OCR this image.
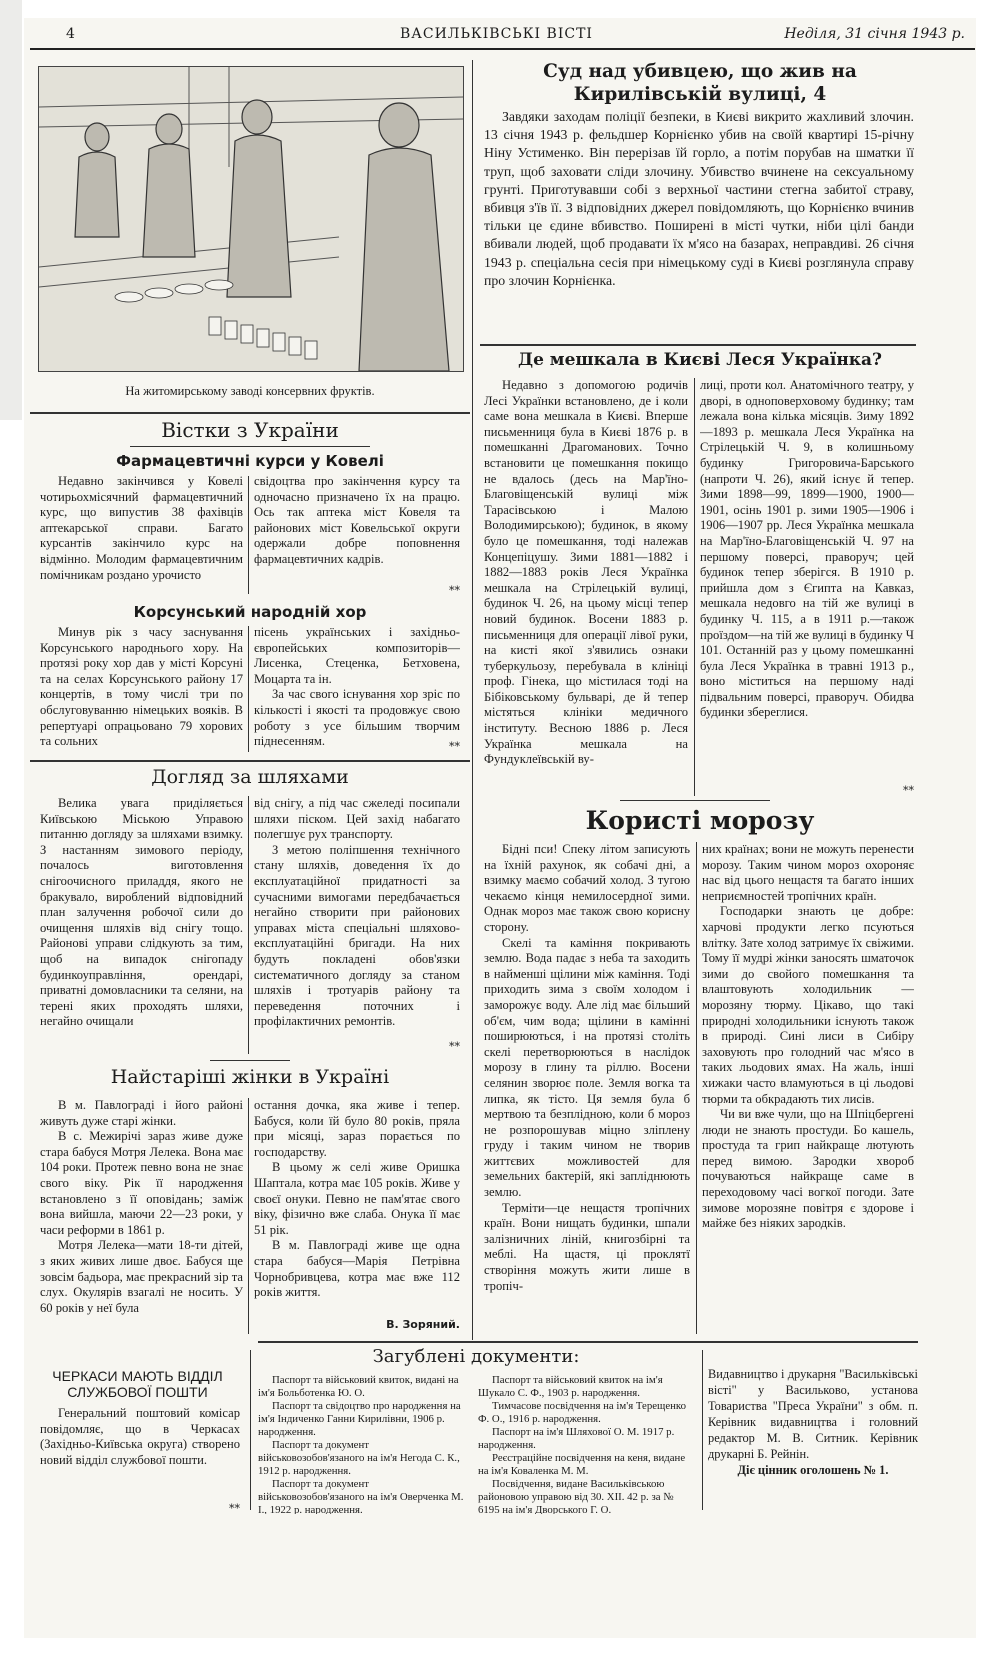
4	ВАСИЛЬКІВСЬКІ ВІСТІ	Неділя, 31 січня 1943 р.
На житомирському заводі консервних фруктів.
Вістки з України
Фармацевтичні курси у Ковелі
Недавно закінчився у Ковелі чотирьохмісячний фармацевтичний курс, що випустив 38 фахівців аптекарської справи. Багато курсантів закінчило курс на відмінно. Молодим фармацевтичним помічникам роздано урочисто
свідоцтва про закінчення курсу та одночасно призначено їх на працю. Ось так аптека міст Ковеля та районових міст Ковельської округи одержали добре поповнення фармацевтичних кадрів.
**
Корсунський народній хор
Минув рік з часу заснування Корсунського народнього хору. На протязі року хор дав у місті Корсуні та на селах Корсунського району 17 концертів, в тому числі три по обслуговуванню німецьких вояків. В репертуарі опрацьовано 79 хорових та сольних

пісень українських і західньо-європейських композиторів—Лисенка, Стеценка, Бетховена, Моцарта та ін.

За час свого існування хор зріс по кількості і якості та продовжує свою роботу з усе більшим творчим піднесенням.	**
Догляд за шляхами
Велика увага приділяється Київською Міською Управою питанню догляду за шляхами взимку. З настанням зимового періоду, почалось виготовлення снігоочисного приладдя, якого не бракувало, вироблений відповідний план залучення робочої сили до очищення шляхів від снігу тощо. Районові управи слідкують за тим, щоб на випадок снігопаду будинкоуправління, орендарі, приватні домовласники та селяни, на терені яких проходять шляхи, негайно очищали

від снігу, а під час сжеледі посипали шляхи піском. Цей захід набагато полегшує рух транспорту.

З метою поліпшення технічного стану шляхів, доведення їх до експлуатаційної придатності за сучасними вимогами передбачається негайно створити при районових управах міста спеціальні шляхово-експлуатаційні бригади. На них будуть покладені обов'язки систематичного догляду за станом шляхів і тротуарів району та переведення поточних і профілактичних ремонтів.

**
Найстаріші жінки в Україні

В м. Павлограді і його районі живуть дуже старі жінки.

В с. Межирічі зараз живе дуже стара бабуся Мотря Лелека. Вона має 104 роки. Протеж певно вона не знає свого віку. Рік її народження встановлено з її оповідань; заміж вона вийшла, маючи 22—23 роки, у часи реформи в 1861 р.

Мотря Лелека—мати 18-ти дітей, з яких живих лише двоє. Бабуся ще зовсім бадьора, має прекрасний зір та слух. Окулярів взагалі не носить. У 60 років у неї була

остання дочка, яка живе і тепер. Бабуся, коли їй було 80 років, пряла при місяці, зараз порається по господарству.

В цьому ж селі живе Оришка Шаптала, котра має 105 років. Живе у своєї онуки. Певно не пам'ятає свого віку, фізично вже слаба. Онука її має 51 рік.

В м. Павлограді живе ще одна стара бабуся—Марія Петрівна Чорнобривцева, котра має вже 112 років життя.

В. Зоряний.
ЧЕРКАСИ МАЮТЬ ВІДДІЛ
СЛУЖБОВОЇ ПОШТИ
Генеральний поштовий комісар повідомляє, що в Черкасах (Західньо-Київська округа) створено новий відділ службової пошти.
**
Загублені документи:

Паспорт та військовий квиток, видані на ім'я Больботенка Ю. О.

Паспорт та свідоцтво про народження на ім'я Індиченко Ганни Кирилівни, 1906 р. народження.

Паспорт та документ військовозобов'язаного на ім'я Негода С. К., 1912 р. народження.

Паспорт та документ військовозобов'язаного на ім'я Оверченка М. І., 1922 р. народження.

Паспорт та військовий квиток на ім'я Шукало С. Ф., 1903 р. народження.

Тимчасове посвідчення на ім'я Терещенко Ф. О., 1916 р. народження.

Паспорт на ім'я Шляхової О. М. 1917 р. народження.

Реєстраційне посвідчення на кеня, видане на ім'я Коваленка М. М.

Посвідчення, видане Васильківською районовою управою від 30. XII. 42 р. за № 6195 на ім'я Дворського Г. О.

Видавництво і друкарня "Васильківські вісті" у Васильково, установа Товариства "Преса України" з обм. п. Керівник видавництва і головний редактор М. В. Ситник. Керівник друкарні Б. Рейнін.
Діє цінник оголошень № 1.
Суд над убивцею, що жив на
Кирилівській вулиці, 4
Завдяки заходам поліції безпеки, в Києві викрито жахливий злочин. 13 січня 1943 р. фельдшер Корнієнко убив на своїй квартирі 15-річну Ніну Устименко. Він перерізав їй горло, а потім порубав на шматки її труп, щоб заховати сліди злочину. Убивство вчинене на сексуальному грунті. Приготувавши собі з верхньої частини стегна забитої страву, вбивця з'їв її. З відповідних джерел повідомляють, що Корнієнко вчинив тільки це єдине вбивство. Поширені в місті чутки, ніби цілі банди вбивали людей, щоб продавати їх м'ясо на базарах, неправдиві. 26 січня 1943 р. спеціальна сесія при німецькому суді в Києві розглянула справу про злочин Корнієнка.
Де мешкала в Києві Леся Українка?
Недавно з допомогою родичів Лесі Українки встановлено, де і коли саме вона мешкала в Києві. Вперше письменниця була в Києві 1876 р. в помешканні Драгоманових. Точно встановити це помешкання покищо не вдалось (десь на Мар'їно-Благовіщенській вулиці між Тарасівською і Малою Володимирською); будинок, в якому було це помешкання, тоді належав Концепіцушу. Зими 1881—1882 і 1882—1883 років Леся Українка мешкала на Стрілецькій вулиці, будинок Ч. 26, на цьому місці тепер новий будинок. Восени 1883 р. письменниця для операції лівої руки, на кисті якої з'явились ознаки туберкульозу, перебувала в клініці проф. Гінека, що містилася тоді на Бібіковському бульварі, де й тепер містяться клініки медичного інституту. Весною 1886 р. Леся Українка мешкала на Фундуклеївській ву-
лиці, проти кол. Анатомічного театру, у дворі, в одноповерховому будинку; там лежала вона кілька місяців. Зиму 1892—1893 р. мешкала Леся Українка на Стрілецькій Ч. 9, в колишньому будинку Григоровича-Барського (напроти Ч. 26), який існує й тепер. Зими 1898—99, 1899—1900, 1900—1901, осінь 1901 р. зими 1905—1906 і 1906—1907 рр. Леся Українка мешкала на Мар'їно-Благовіщенській Ч. 97 на першому поверсі, праворуч; цей будинок тепер зберігся. В 1910 р. прийшла дом з Єгипта на Кавказ, мешкала недовго на тій же вулиці в будинку Ч. 115, а в 1911 р.—також проїздом—на тій же вулиці в будинку Ч 101. Останній раз у цьому помешканні була Леся Українка в травні 1913 р., воно міститься на першому наді підвальним поверсі, праворуч. Обидва будинки збереглися.
**
Користі морозу

Бідні пси! Спеку літом записують на їхній рахунок, як собачі дні, а взимку маємо собачий холод. З тугою чекаємо кінця немилосердної зими. Однак мороз має також свою корисну сторону.

Скелі та каміння покривають землю. Вода падає з неба та заходить в найменші щілини між каміння. Тоді приходить зима з своїм холодом і заморожує воду. Але лід має більший об'єм, чим вода; щілини в камінні поширюються, і на протязі століть скелі перетворюються в наслідок морозу в глину та ріллю. Восени селянин зворює поле. Земля вогка та липка, як тісто. Ця земля була б мертвою та безплідною, коли б мороз не розпорошував міцно зліплену груду і таким чином не творив життєвих можливостей для земельних бактерій, які запліднюють землю.

Терміти—це нещастя тропічних країн. Вони нищать будинки, шпали залізничних ліній, книгозбірні та меблі. На щастя, ці проклятї створіння можуть жити лише в тропіч-

них країнах; вони не можуть перенести морозу. Таким чином мороз охороняє нас від цього нещастя та багато інших неприємностей тропічних країн.

Господарки знають це добре: харчові продукти легко псуються влітку. Зате холод затримує їх свіжими. Тому її мудрі жінки заносять шматочок зими до свойого помешкання та влаштовують холодильник — морозяну тюрму. Цікаво, що такі природні холодильники існують також в природі. Сині лиси в Сибіру заховують про голодний час м'ясо в таких льодових ямах. На жаль, інші хижаки часто вламуються в ці льодові тюрми та обкрадають тих лисів.

Чи ви вже чули, що на Шпіцбергені люди не знають простуди. Бо кашель, простуда та грип найкраще лютують перед вимою. Зародки хвороб почуваються найкраще саме в переходовому часі вогкої погоди. Зате зимове морозяне повітря є здорове і майже без ніяких зародків.
